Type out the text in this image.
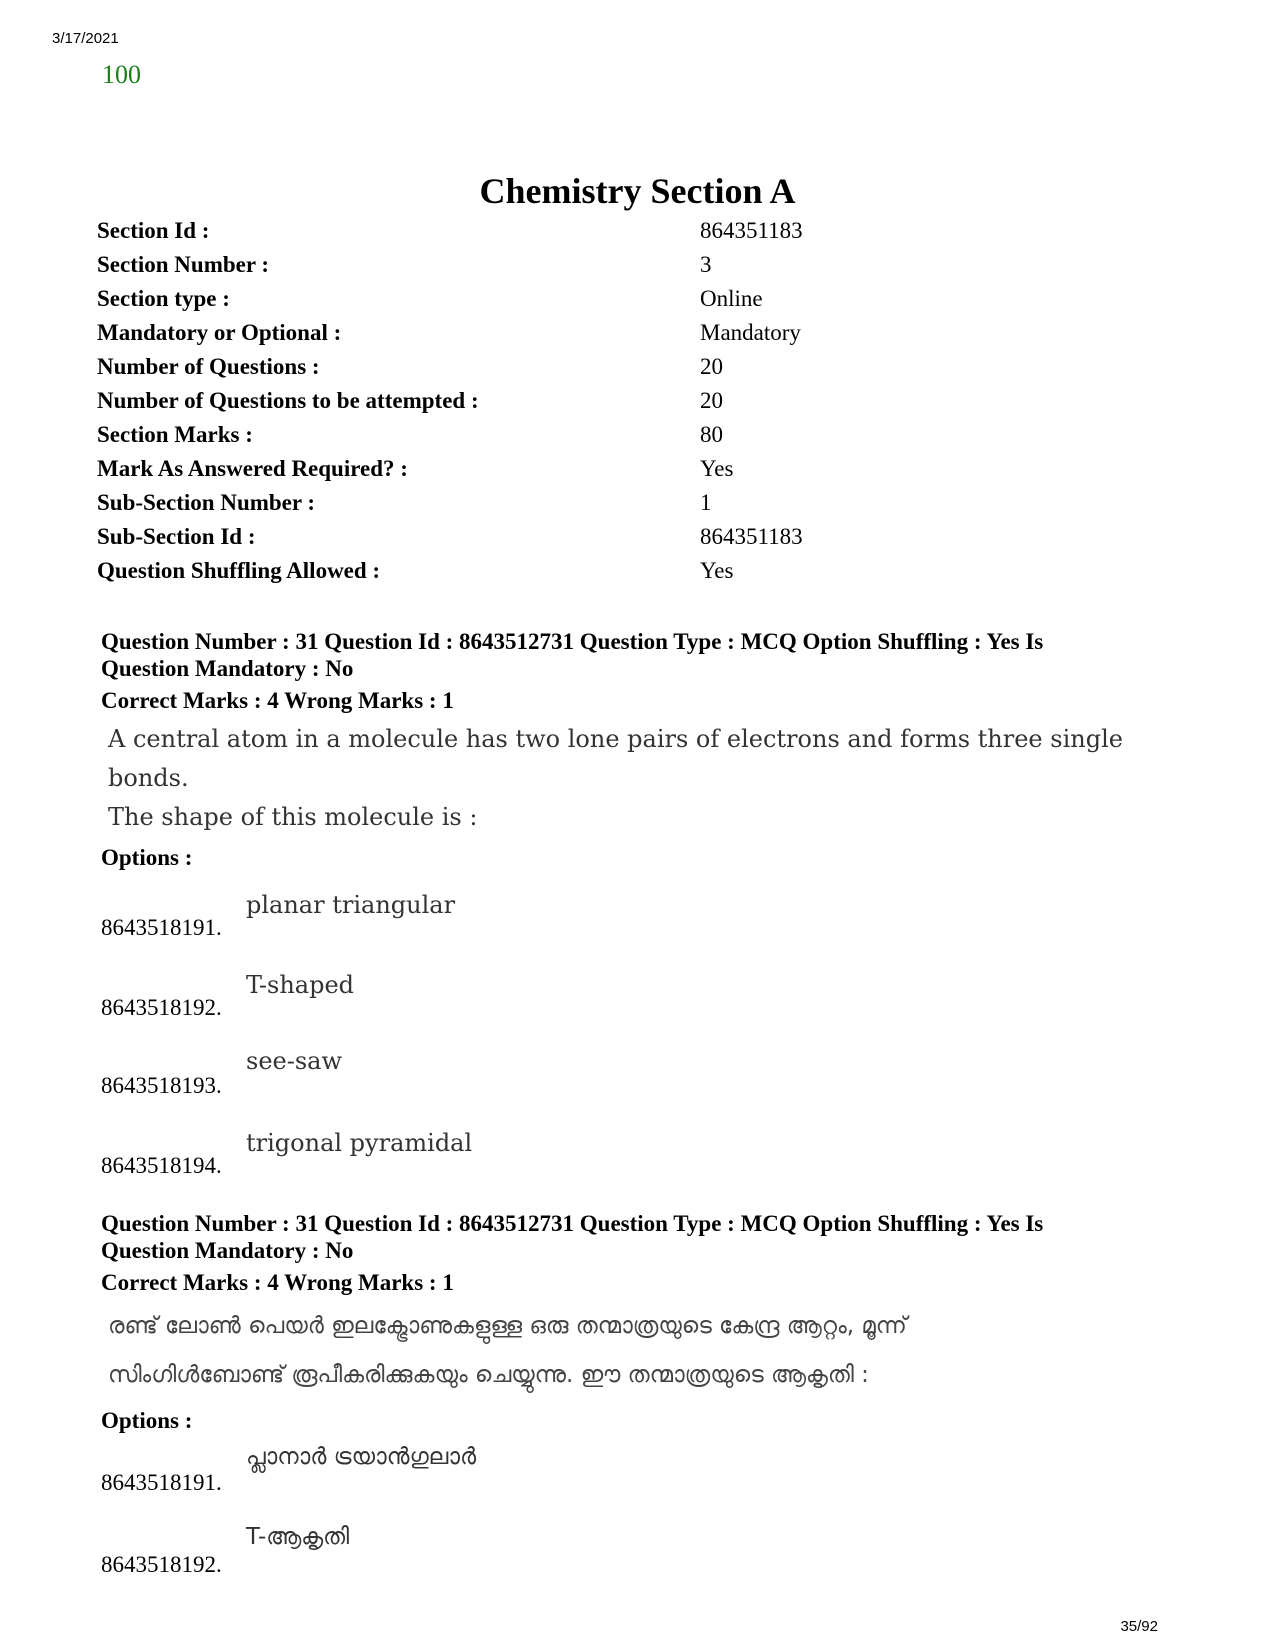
3/17/2021
100
Chemistry Section A
Section Id :	864351183
Section Number :	3
Section type :	Online
Mandatory or Optional :	Mandatory
Number of Questions :	20
Number of Questions to be attempted :	20
Section Marks :	80
Mark As Answered Required? :	Yes
Sub-Section Number :	1
Sub-Section Id :	864351183
Question Shuffling Allowed :	Yes
Question Number : 31 Question Id : 8643512731 Question Type : MCQ Option Shuffling : Yes Is
Question Mandatory : No
Correct Marks : 4 Wrong Marks : 1
A central atom in a molecule has two lone pairs of electrons and forms three single bonds.
The shape of this molecule is :
Options :
8643518191.
planar triangular
8643518192.
T-shaped
8643518193.
see-saw
8643518194.
trigonal pyramidal
Question Number : 31 Question Id : 8643512731 Question Type : MCQ Option Shuffling : Yes Is
Question Mandatory : No
Correct Marks : 4 Wrong Marks : 1
രണ്ട് ലോൺ പെയർ ഇലക്ട്രോണുകളുള്ള ഒരു തന്മാത്രയുടെ കേന്ദ്ര ആറ്റം, മൂന്ന്
സിംഗിൾബോണ്ട് രൂപീകരിക്കുകയും ചെയ്യുന്നു. ഈ തന്മാത്രയുടെ ആകൃതി :
Options :
8643518191.
പ്ലാനാർ ട്രയാൻഗുലാർ
8643518192.
T-ആകൃതി
35/92
